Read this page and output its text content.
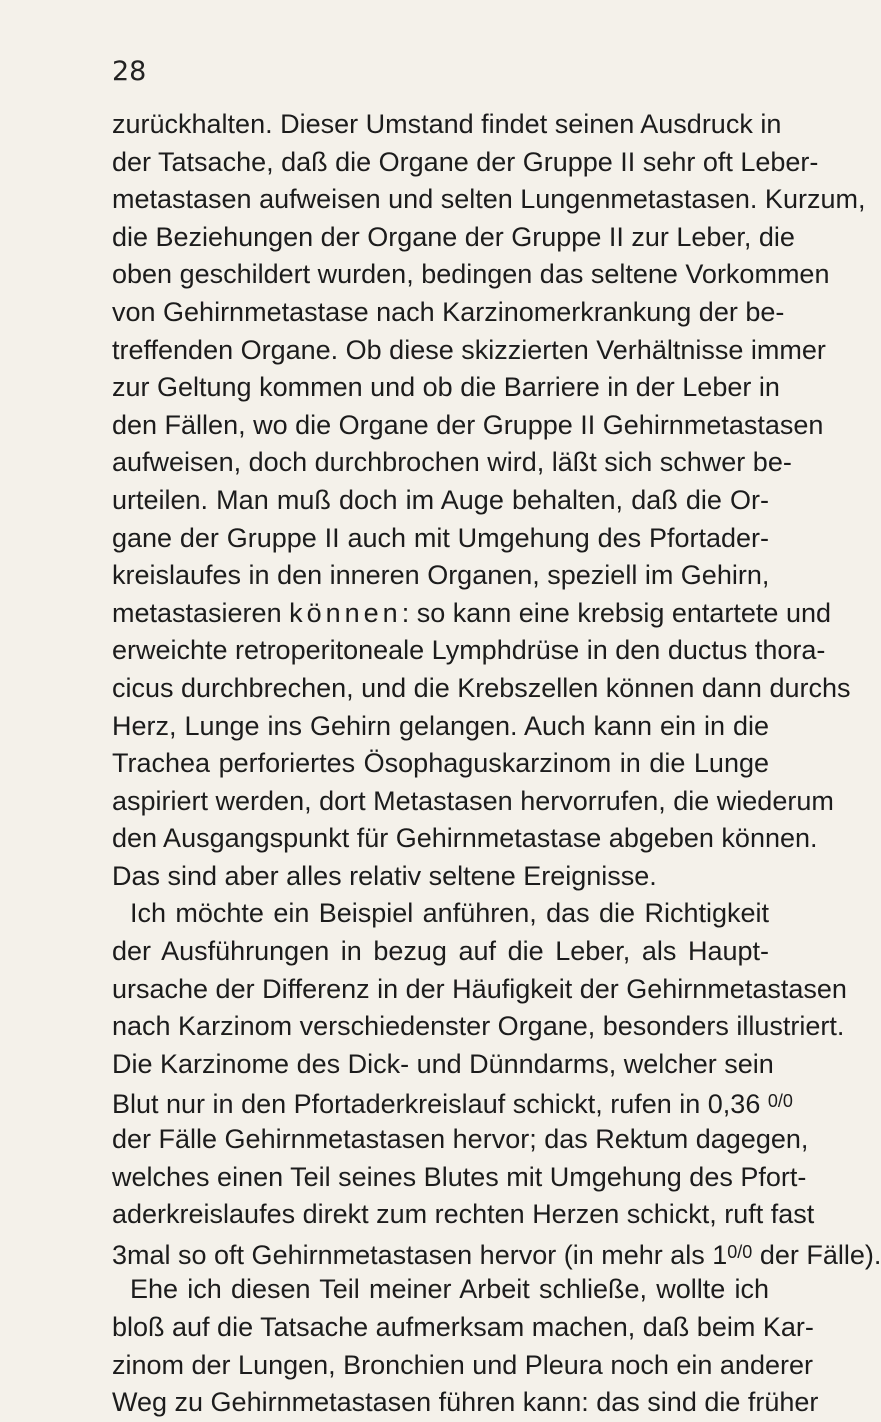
28
zurückhalten. Dieser Umstand findet seinen Ausdruck in
der Tatsache, daß die Organe der Gruppe II sehr oft Leber-
metastasen aufweisen und selten Lungenmetastasen. Kurzum,
die Beziehungen der Organe der Gruppe II zur Leber, die
oben geschildert wurden, bedingen das seltene Vorkommen
von Gehirnmetastase nach Karzinomerkrankung der be-
treffenden Organe. Ob diese skizzierten Verhältnisse immer
zur Geltung kommen und ob die Barriere in der Leber in
den Fällen, wo die Organe der Gruppe II Gehirnmetastasen
aufweisen, doch durchbrochen wird, läßt sich schwer be-
urteilen. Man muß doch im Auge behalten, daß die Or-
gane der Gruppe II auch mit Umgehung des Pfortader-
kreislaufes in den inneren Organen, speziell im Gehirn,
metastasieren können: so kann eine krebsig entartete und
erweichte retroperitoneale Lymphdrüse in den ductus thora-
cicus durchbrechen, und die Krebszellen können dann durchs
Herz, Lunge ins Gehirn gelangen. Auch kann ein in die
Trachea perforiertes Ösophaguskarzinom in die Lunge
aspiriert werden, dort Metastasen hervorrufen, die wiederum
den Ausgangspunkt für Gehirnmetastase abgeben können.
Das sind aber alles relativ seltene Ereignisse.
Ich möchte ein Beispiel anführen, das die Richtigkeit
der Ausführungen in bezug auf die Leber, als Haupt-
ursache der Differenz in der Häufigkeit der Gehirnmetastasen
nach Karzinom verschiedenster Organe, besonders illustriert.
Die Karzinome des Dick- und Dünndarms, welcher sein
Blut nur in den Pfortaderkreislauf schickt, rufen in 0,36 $^{0/0}$
der Fälle Gehirnmetastasen hervor; das Rektum dagegen,
welches einen Teil seines Blutes mit Umgehung des Pfort-
aderkreislaufes direkt zum rechten Herzen schickt, ruft fast
3mal so oft Gehirnmetastasen hervor (in mehr als $1^{0/0}$ der Fälle).
Ehe ich diesen Teil meiner Arbeit schließe, wollte ich
bloß auf die Tatsache aufmerksam machen, daß beim Kar-
zinom der Lungen, Bronchien und Pleura noch ein anderer
Weg zu Gehirnmetastasen führen kann: das sind die früher
